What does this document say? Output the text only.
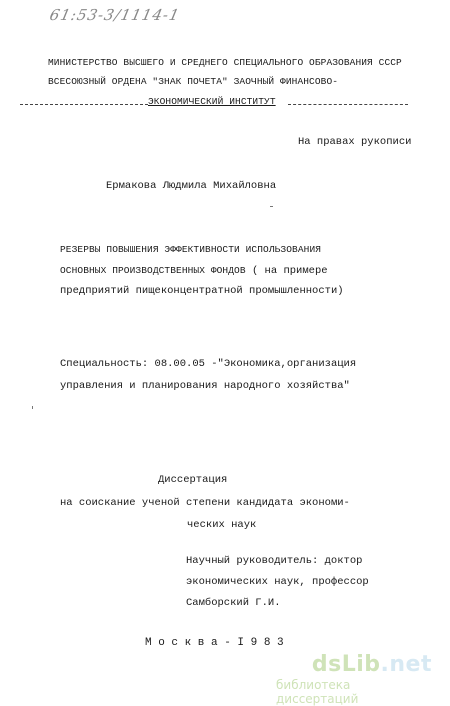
61:53-3/1114-1
МИНИСТЕРСТВО ВЫСШЕГО И СРЕДНЕГО СПЕЦИАЛЬНОГО ОБРАЗОВАНИЯ СССР
ВСЕСОЮЗНЫЙ ОРДЕНА "ЗНАК ПОЧЕТА" ЗАОЧНЫЙ ФИНАНСОВО-
ЭКОНОМИЧЕСКИЙ ИНСТИТУТ
На правах рукописи
Ермакова Людмила Михайловна
РЕЗЕРВЫ ПОВЫШЕНИЯ ЭФФЕКТИВНОСТИ ИСПОЛЬЗОВАНИЯ
ОСНОВНЫХ ПРОИЗВОДСТВЕННЫХ ФОНДОВ ( на примере
предприятий пищеконцентратной промышленности)
Специальность: 08.00.05 -"Экономика,организация
управления и планирования народного хозяйства"
Диссертация
на соискание ученой степени кандидата экономи-
ческих наук
Научный руководитель: доктор
экономических наук, профессор
Самборский Г.И.
М о с к в а - I 9 8 3
dsLib.net
библиотека диссертаций
